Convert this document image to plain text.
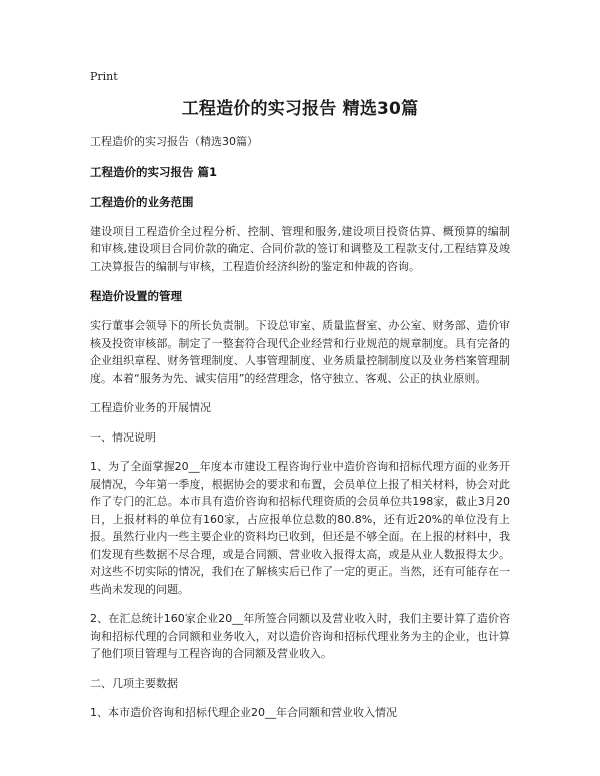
Print
工程造价的实习报告 精选30篇

工程造价的实习报告（精选30篇）

工程造价的实习报告 篇1

工程造价的业务范围

建设项目工程造价全过程分析、控制、管理和服务,建设项目投资估算、概预算的编制和审核,建设项目合同价款的确定、合同价款的签订和调整及工程款支付,工程结算及竣工决算报告的编制与审核，工程造价经济纠纷的鉴定和仲裁的咨询。

程造价设置的管理

实行董事会领导下的所长负责制。下设总审室、质量监督室、办公室、财务部、造价审核及投资审核部。制定了一整套符合现代企业经营和行业规范的规章制度。具有完备的企业组织章程、财务管理制度、人事管理制度、业务质量控制制度以及业务档案管理制度。本着“服务为先、诚实信用”的经营理念，恪守独立、客观、公正的执业原则。

工程造价业务的开展情况

一、情况说明

1、为了全面掌握20__年度本市建设工程咨询行业中造价咨询和招标代理方面的业务开展情况，今年第一季度，根据协会的要求和布置，会员单位上报了相关材料，协会对此作了专门的汇总。本市具有造价咨询和招标代理资质的会员单位共198家，截止3月20日，上报材料的单位有160家，占应报单位总数的80.8%，还有近20%的单位没有上报。虽然行业内一些主要企业的资料均已收到，但还是不够全面。在上报的材料中，我们发现有些数据不尽合理，或是合同额、营业收入报得太高，或是从业人数报得太少。对这些不切实际的情况，我们在了解核实后已作了一定的更正。当然，还有可能存在一些尚未发现的问题。

2、在汇总统计160家企业20__年所签合同额以及营业收入时，我们主要计算了造价咨询和招标代理的合同额和业务收入，对以造价咨询和招标代理业务为主的企业，也计算了他们项目管理与工程咨询的合同额及营业收入。

二、几项主要数据

1、本市造价咨询和招标代理企业20__年合同额和营业收入情况
